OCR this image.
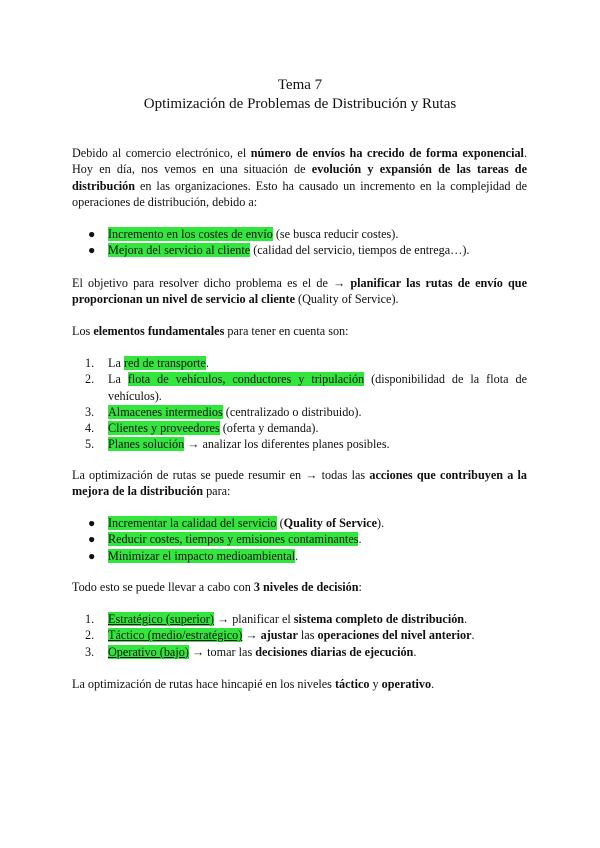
Tema 7
Optimización de Problemas de Distribución y Rutas
Debido al comercio electrónico, el número de envíos ha crecido de forma exponencial. Hoy en día, nos vemos en una situación de evolución y expansión de las tareas de distribución en las organizaciones. Esto ha causado un incremento en la complejidad de operaciones de distribución, debido a:
●	Incremento en los costes de envío (se busca reducir costes).
●	Mejora del servicio al cliente (calidad del servicio, tiempos de entrega…).
El objetivo para resolver dicho problema es el de → planificar las rutas de envío que proporcionan un nivel de servicio al cliente (Quality of Service).
Los elementos fundamentales para tener en cuenta son:
1.	La red de transporte.
2.	La flota de vehículos, conductores y tripulación (disponibilidad de la flota de vehículos).
3.	Almacenes intermedios (centralizado o distribuido).
4.	Clientes y proveedores (oferta y demanda).
5.	Planes solución → analizar los diferentes planes posibles.
La optimización de rutas se puede resumir en → todas las acciones que contribuyen a la mejora de la distribución para:
●	Incrementar la calidad del servicio (Quality of Service).
●	Reducir costes, tiempos y emisiones contaminantes.
●	Minimizar el impacto medioambiental.
Todo esto se puede llevar a cabo con 3 niveles de decisión:
1.	Estratégico (superior) → planificar el sistema completo de distribución.
2.	Táctico (medio/estratégico) → ajustar las operaciones del nivel anterior.
3.	Operativo (bajo) → tomar las decisiones diarias de ejecución.
La optimización de rutas hace hincapié en los niveles táctico y operativo.
